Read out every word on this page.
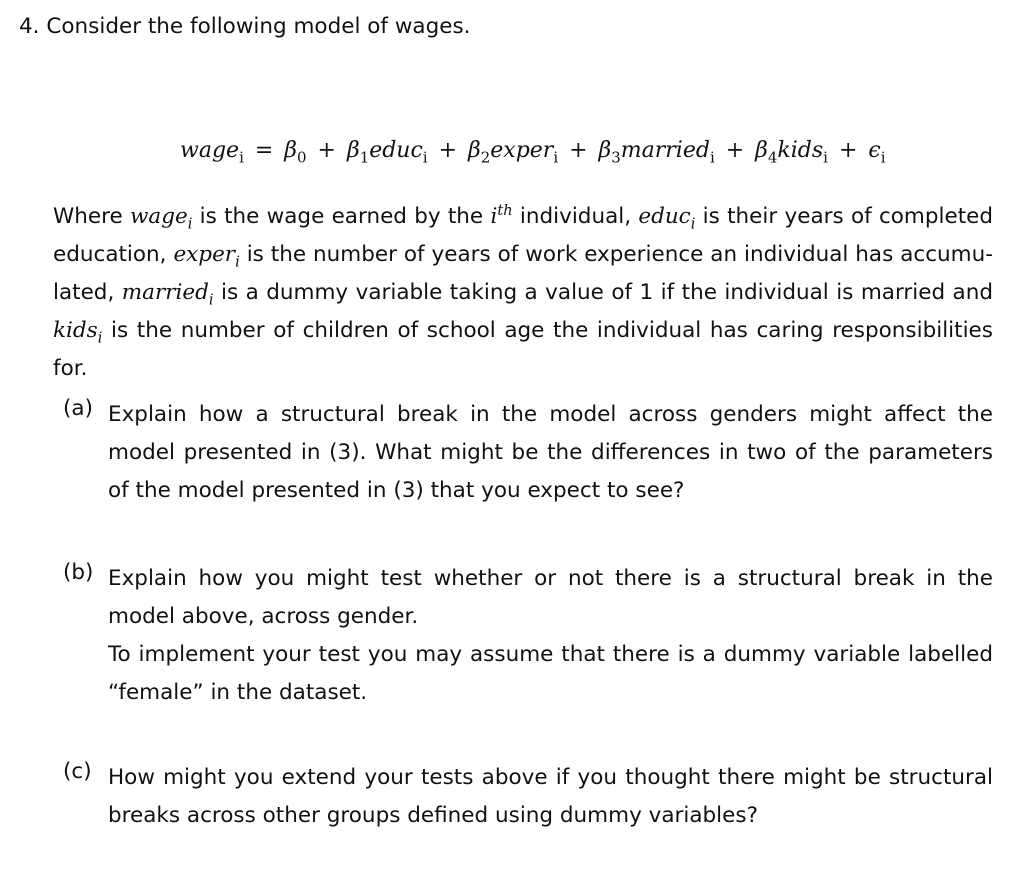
4. Consider the following model of wages.
wage$_i$ = $\beta_0$ + $\beta_1educ_i$ + $\beta_2exper_i$ + $\beta_3married_i$ + $\beta_4kids_i + \epsilon_i$

Where wage$_i$ is the wage earned by the $i^{th}$ individual, educ$_i$ is their years of completed education, exper$_i$ is the number of years of work experience an individual has accumu-lated, married$_i$ is a dummy variable taking a value of 1 if the individual is married and kids$_i$ is the number of children of school age the individual has caring responsibilities for.

(a) Explain how a structural break in the model across genders might affect the model presented in (3). What might be the differences in two of the parameters of the model presented in (3) that you expect to see?

(b) Explain how you might test whether or not there is a structural break in the model above, across gender.

To implement your test you may assume that there is a dummy variable labelled “female” in the dataset.

(c) How might you extend your tests above if you thought there might be structural breaks across other groups defined using dummy variables?
